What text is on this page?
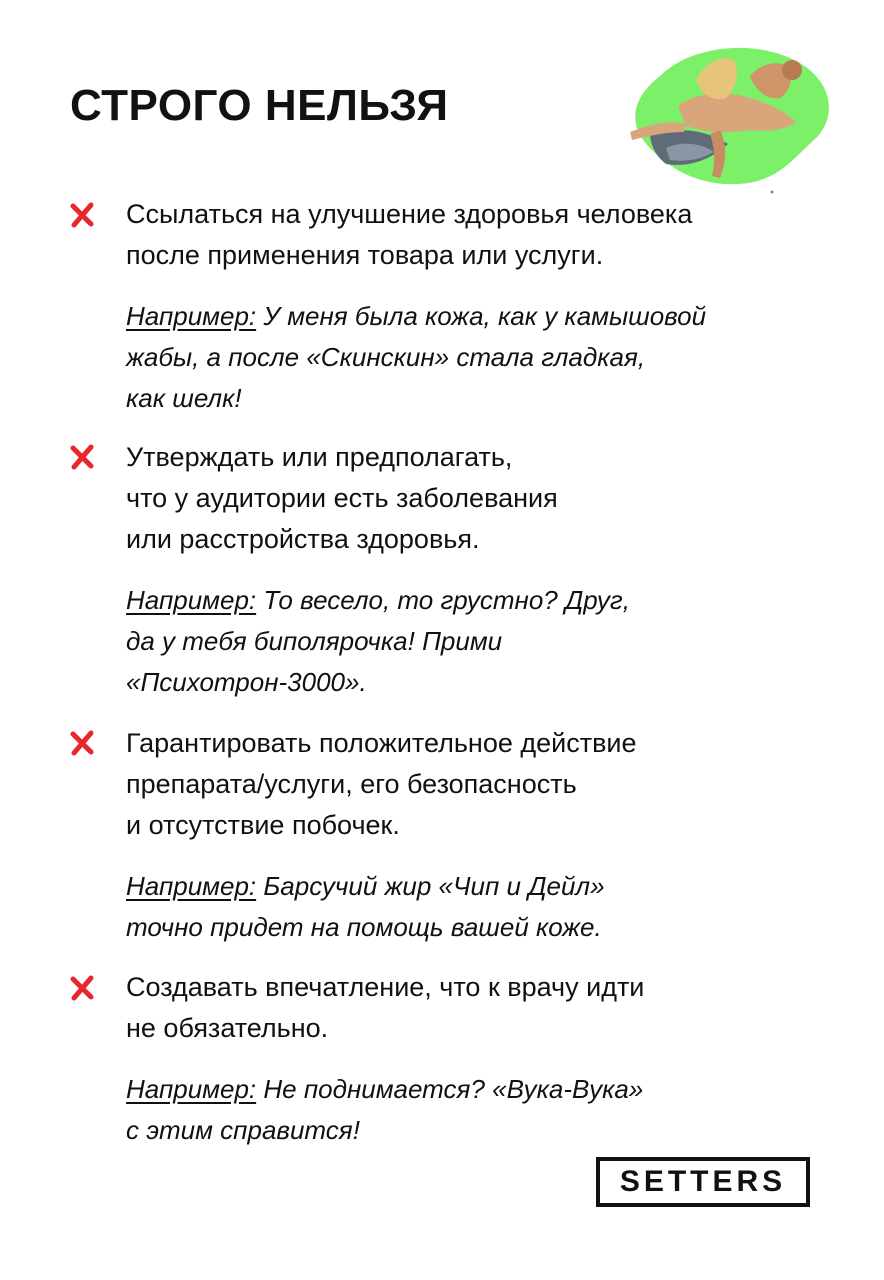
СТРОГО НЕЛЬЗЯ

Ссылаться на улучшение здоровья человека
после применения товара или услуги.

Например: У меня была кожа, как у камышовой
жабы, а после «Скинскин» стала гладкая,
как шелк!

Утверждать или предполагать,
что у аудитории есть заболевания
или расстройства здоровья.

Например: То весело, то грустно? Друг,
да у тебя биполярочка! Прими
«Психотрон-3000».

Гарантировать положительное действие
препарата/услуги, его безопасность
и отсутствие побочек.

Например: Барсучий жир «Чип и Дейл»
точно придет на помощь вашей коже.

Создавать впечатление, что к врачу идти
не обязательно.

Например: Не поднимается? «Вука-Вука»
с этим справится!

SETTERS
